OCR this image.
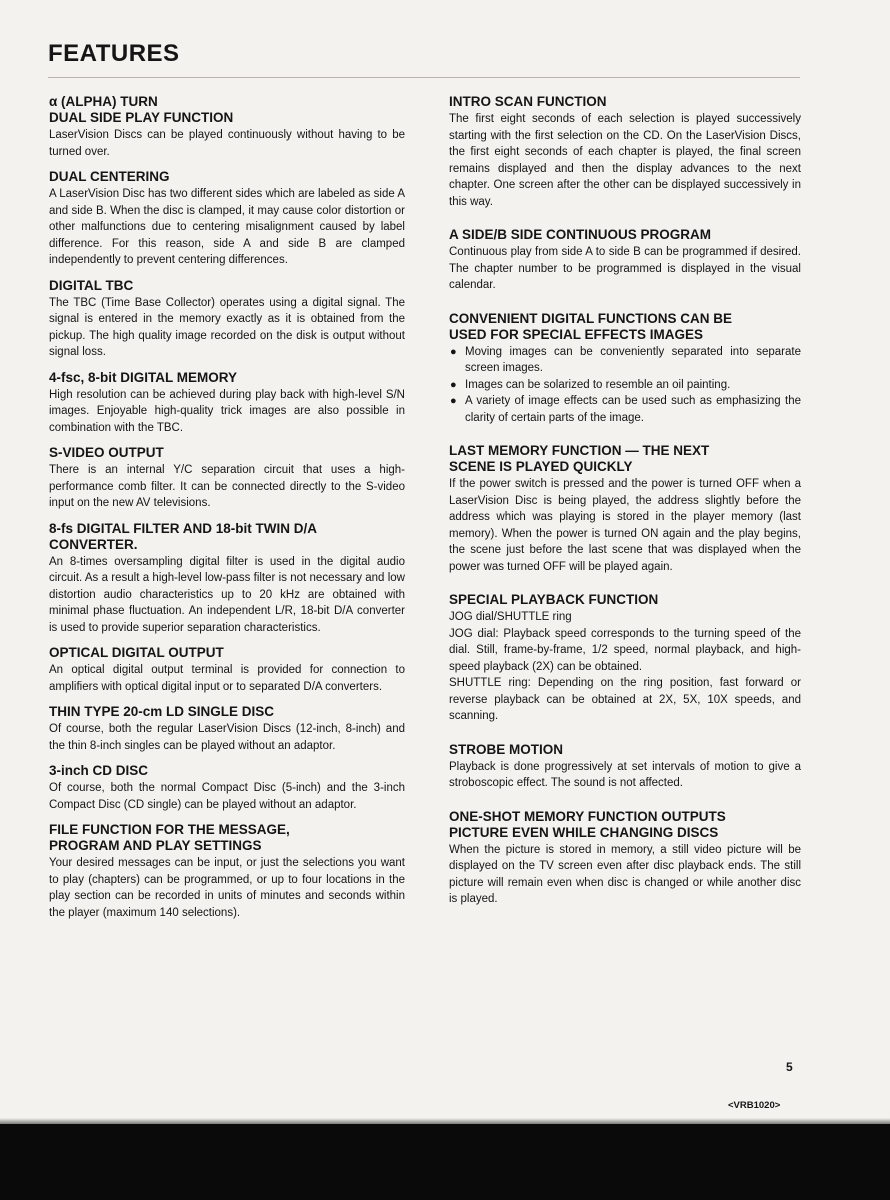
FEATURES
α (ALPHA) TURN
DUAL SIDE PLAY FUNCTION

LaserVision Discs can be played continuously without having to be turned over.

DUAL CENTERING

A LaserVision Disc has two different sides which are labeled as side A and side B. When the disc is clamped, it may cause color distortion or other malfunctions due to centering misalignment caused by label difference. For this reason, side A and side B are clamped independently to prevent centering differences.

DIGITAL TBC

The TBC (Time Base Collector) operates using a digital signal. The signal is entered in the memory exactly as it is obtained from the pickup. The high quality image recorded on the disk is output without signal loss.

4-fsc, 8-bit DIGITAL MEMORY

High resolution can be achieved during play back with high-level S/N images. Enjoyable high-quality trick images are also possible in combination with the TBC.

S-VIDEO OUTPUT

There is an internal Y/C separation circuit that uses a high-performance comb filter. It can be connected directly to the S-video input on the new AV televisions.

8-fs DIGITAL FILTER AND 18-bit TWIN D/A
CONVERTER.

An 8-times oversampling digital filter is used in the digital audio circuit. As a result a high-level low-pass filter is not necessary and low distortion audio characteristics up to 20 kHz are obtained with minimal phase fluctuation. An independent L/R, 18-bit D/A converter is used to provide superior separation characteristics.

OPTICAL DIGITAL OUTPUT

An optical digital output terminal is provided for connection to amplifiers with optical digital input or to separated D/A converters.

THIN TYPE 20-cm LD SINGLE DISC

Of course, both the regular LaserVision Discs (12-inch, 8-inch) and the thin 8-inch singles can be played without an adaptor.

3-inch CD DISC

Of course, both the normal Compact Disc (5-inch) and the 3-inch Compact Disc (CD single) can be played without an adaptor.

FILE FUNCTION FOR THE MESSAGE,
PROGRAM AND PLAY SETTINGS

Your desired messages can be input, or just the selections you want to play (chapters) can be programmed, or up to four locations in the play section can be recorded in units of minutes and seconds within the player (maximum 140 selections).

INTRO SCAN FUNCTION

The first eight seconds of each selection is played successively starting with the first selection on the CD. On the LaserVision Discs, the first eight seconds of each chapter is played, the final screen remains displayed and then the display advances to the next chapter. One screen after the other can be displayed successively in this way.

A SIDE/B SIDE CONTINUOUS PROGRAM

Continuous play from side A to side B can be programmed if desired. The chapter number to be programmed is displayed in the visual calendar.

CONVENIENT DIGITAL FUNCTIONS CAN BE
USED FOR SPECIAL EFFECTS IMAGES
● Moving images can be conveniently separated into separate screen images.
● Images can be solarized to resemble an oil painting.
● A variety of image effects can be used such as emphasizing the clarity of certain parts of the image.
LAST MEMORY FUNCTION — THE NEXT
SCENE IS PLAYED QUICKLY

If the power switch is pressed and the power is turned OFF when a LaserVision Disc is being played, the address slightly before the address which was playing is stored in the player memory (last memory). When the power is turned ON again and the play begins, the scene just before the last scene that was displayed when the power was turned OFF will be played again.

SPECIAL PLAYBACK FUNCTION

JOG dial/SHUTTLE ring

JOG dial: Playback speed corresponds to the turning speed of the dial. Still, frame-by-frame, 1/2 speed, normal playback, and high-speed playback (2X) can be obtained.

SHUTTLE ring: Depending on the ring position, fast forward or reverse playback can be obtained at 2X, 5X, 10X speeds, and scanning.

STROBE MOTION

Playback is done progressively at set intervals of motion to give a stroboscopic effect. The sound is not affected.

ONE-SHOT MEMORY FUNCTION OUTPUTS
PICTURE EVEN WHILE CHANGING DISCS

When the picture is stored in memory, a still video picture will be displayed on the TV screen even after disc playback ends. The still picture will remain even when disc is changed or while another disc is played.

5
<VRB1020>
